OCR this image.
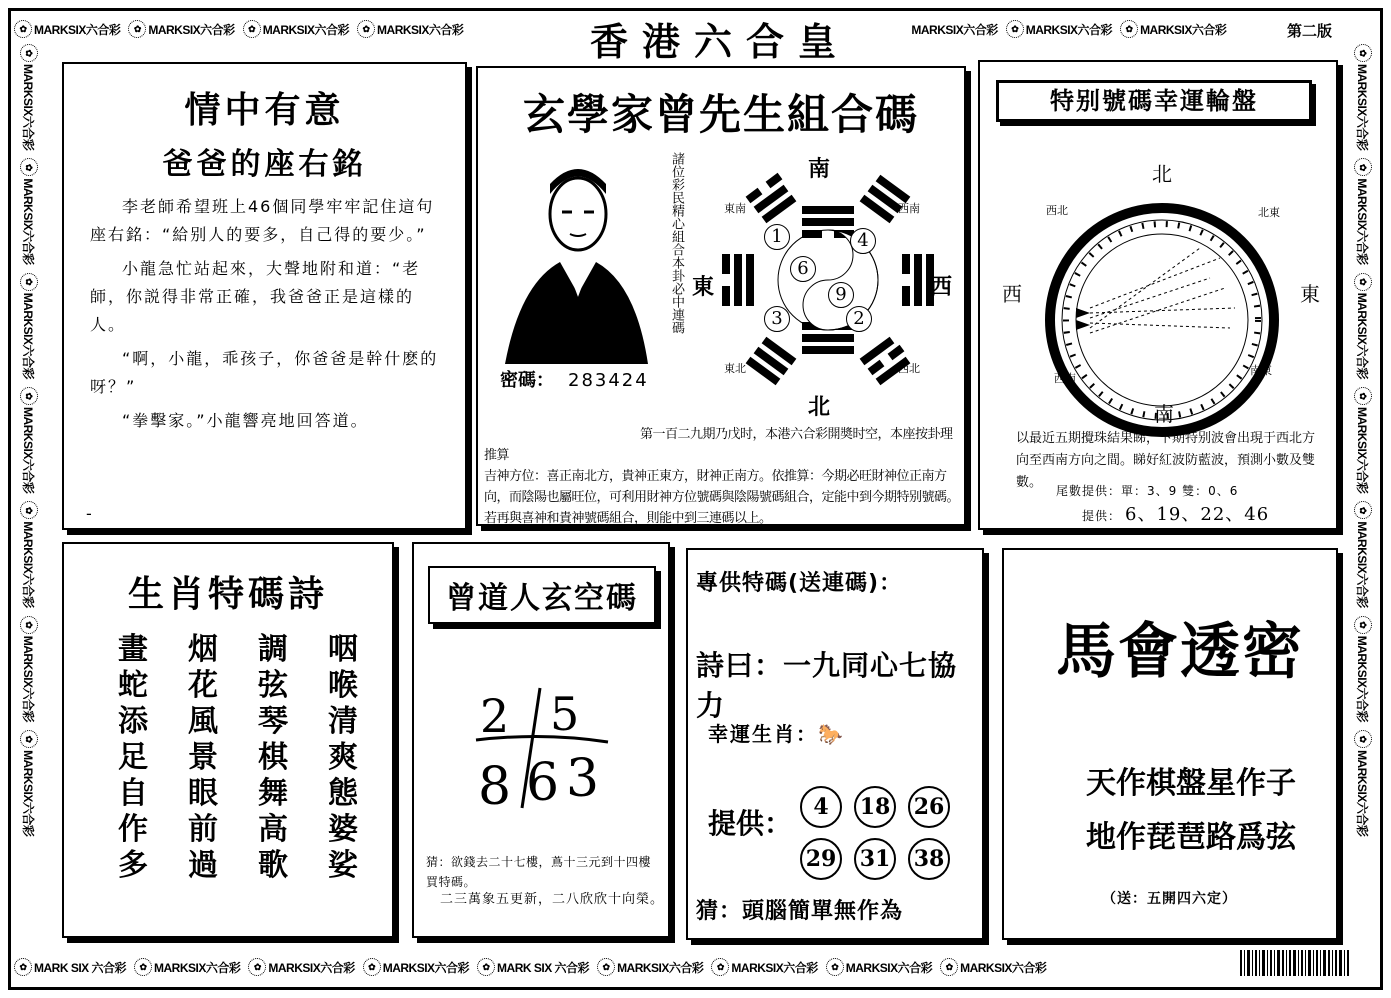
✿ MARKSIX六合彩	✿ MARKSIX六合彩	✿ MARKSIX六合彩	✿ MARKSIX六合彩	MARKSIX六合彩	✿ MARKSIX六合彩	✿ MARKSIX六合彩
香港六合皇	第二版
✿ MARK SIX 六合彩	✿ MARKSIX六合彩	✿ MARKSIX六合彩	✿ MARKSIX六合彩	✿ MARK SIX 六合彩	✿ MARKSIX六合彩	✿ MARKSIX六合彩	✿ MARKSIX六合彩	✿ MARKSIX六合彩
✿
MARKSIX六合彩
✿
MARKSIX六合彩
✿
MARKSIX六合彩
✿
MARKSIX六合彩
✿
MARKSIX六合彩
✿
MARKSIX六合彩
✿
MARKSIX六合彩
✿
MARKSIX六合彩
✿
MARKSIX六合彩
✿
MARKSIX六合彩
✿
MARKSIX六合彩
✿
MARKSIX六合彩
✿
MARKSIX六合彩
✿
MARKSIX六合彩
情中有意
爸爸的座右銘

李老師希望班上46個同學牢牢記住這句座右銘：“給别人的要多，自己得的要少。”

小龍急忙站起來，大聲地附和道：“老師，你説得非常正確，我爸爸正是這樣的人。

“啊，小龍，乖孩子，你爸爸是幹什麽的呀？”

“拳擊家。”小龍響亮地回答道。

-
玄學家曾先生組合碼
諸位彩民精心組合本卦必中連碼	南
北
西
東
西南
東南
西北
東北
1	4
6
9
3	2
密碼： 283424
第一百二九期乃戊时，本港六合彩開奬时空，本座按卦理推算
吉神方位：喜正南北方，貴神正東方，財神正南方。依推算：今期必旺財神位正南方向，而陰陽也屬旺位，可利用財神方位號碼與陰陽號碼組合，定能中到今期特别號碼。若再與喜神和貴神號碼組合，則能中到三連碼以上。
特别號碼幸運輪盤
北
南
西	東
西北	北東
西南
南東
以最近五期攪珠結果睇，下期特别波會出現于西北方向至西南方向之間。睇好紅波防藍波，預測小數及雙數。
尾數提供：單：3、9 雙：0、6
提供： 6、19、22、46
生肖特碼詩
畫	烟	調	咽
蛇	花	弦	喉
添	風	琴	清
足	景	棋	爽
自	眼	舞	態
作	前	高	婆
多	過	歌	娑
曾道人玄空碼
2 5
8 6 3
猜：欲錢去二十七樓，蔦十三元到十四樓買特碼。
二三萬象五更新，二八欣欣十向榮。
專供特碼(送連碼)：
詩曰：一九同心七協力
幸運生肖：🐎
提供： 4	18 26
29 31 38
猜：頭腦簡單無作為
馬會透密
天作棋盤星作子
地作琵琶路爲弦
（送：五開四六定）
